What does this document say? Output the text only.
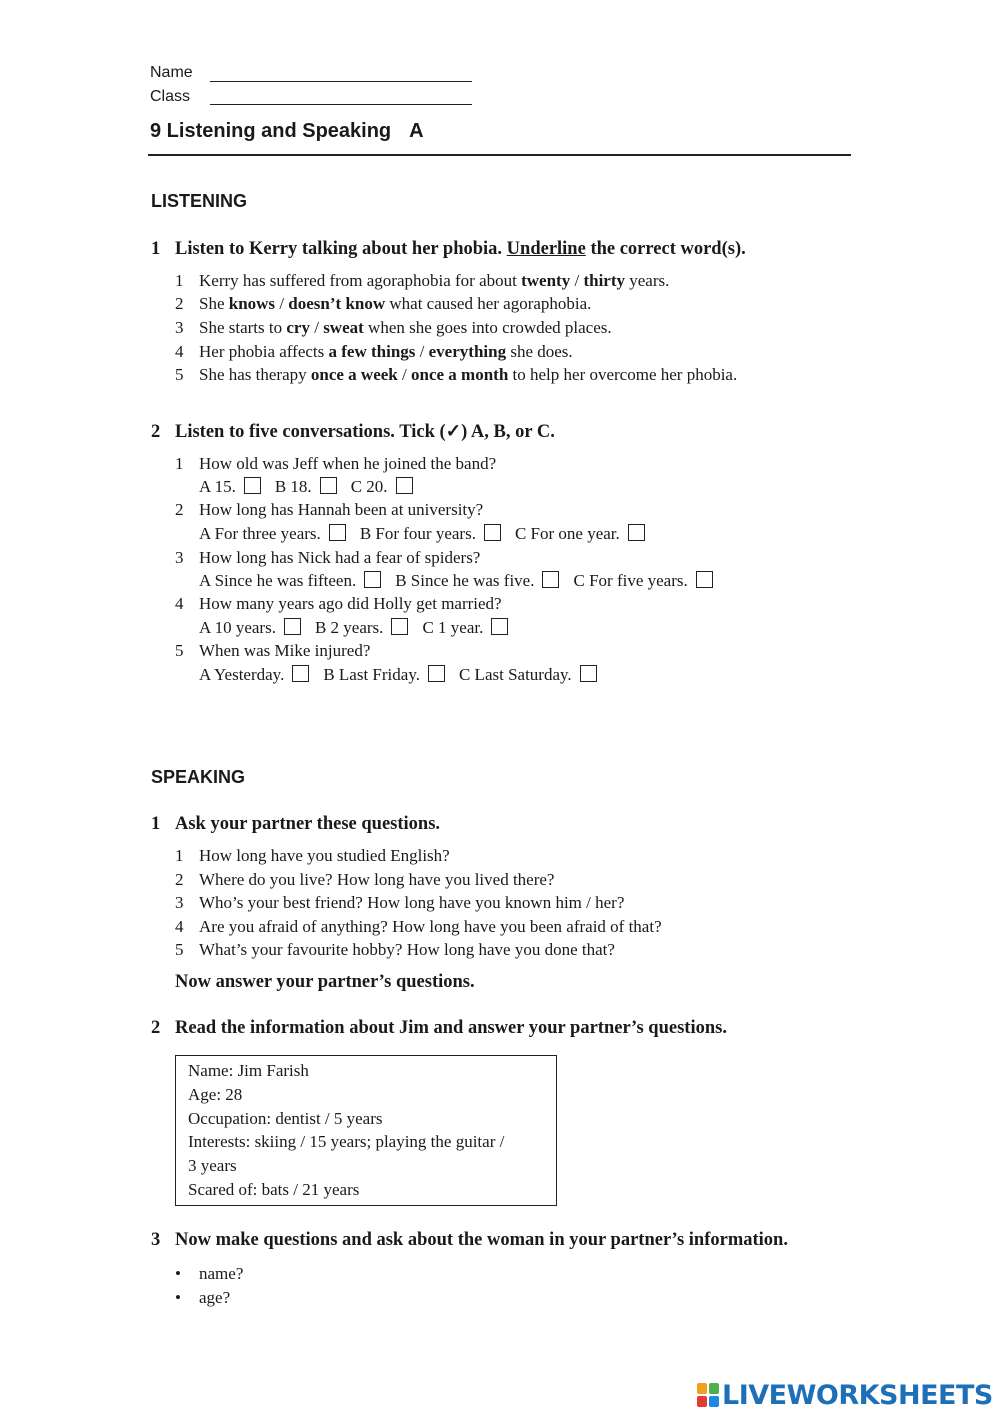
Name
Class
9 Listening and Speaking A
LISTENING
1 Listen to Kerry talking about her phobia. Underline the correct word(s).
1 Kerry has suffered from agoraphobia for about twenty / thirty years.
2 She knows / doesn’t know what caused her agoraphobia.
3 She starts to cry / sweat when she goes into crowded places.
4 Her phobia affects a few things / everything she does.
5 She has therapy once a week / once a month to help her overcome her phobia.
2 Listen to five conversations. Tick (✓) A, B, or C.
1 How old was Jeff when he joined the band?
A 15. B 18. C 20.
2 How long has Hannah been at university?
A For three years. B For four years. C For one year.
3 How long has Nick had a fear of spiders?
A Since he was fifteen. B Since he was five. C For five years.
4 How many years ago did Holly get married?
A 10 years. B 2 years. C 1 year.
5 When was Mike injured?
A Yesterday. B Last Friday. C Last Saturday.
SPEAKING
1 Ask your partner these questions.
1 How long have you studied English?
2 Where do you live? How long have you lived there?
3 Who’s your best friend? How long have you known him / her?
4 Are you afraid of anything? How long have you been afraid of that?
5 What’s your favourite hobby? How long have you done that?
Now answer your partner’s questions.
2 Read the information about Jim and answer your partner’s questions.
Name: Jim Farish
Age: 28
Occupation: dentist / 5 years
Interests: skiing / 15 years; playing the guitar /
3 years
Scared of: bats / 21 years
3 Now make questions and ask about the woman in your partner’s information.
• name?
• age?
LIVEWORKSHEETS
